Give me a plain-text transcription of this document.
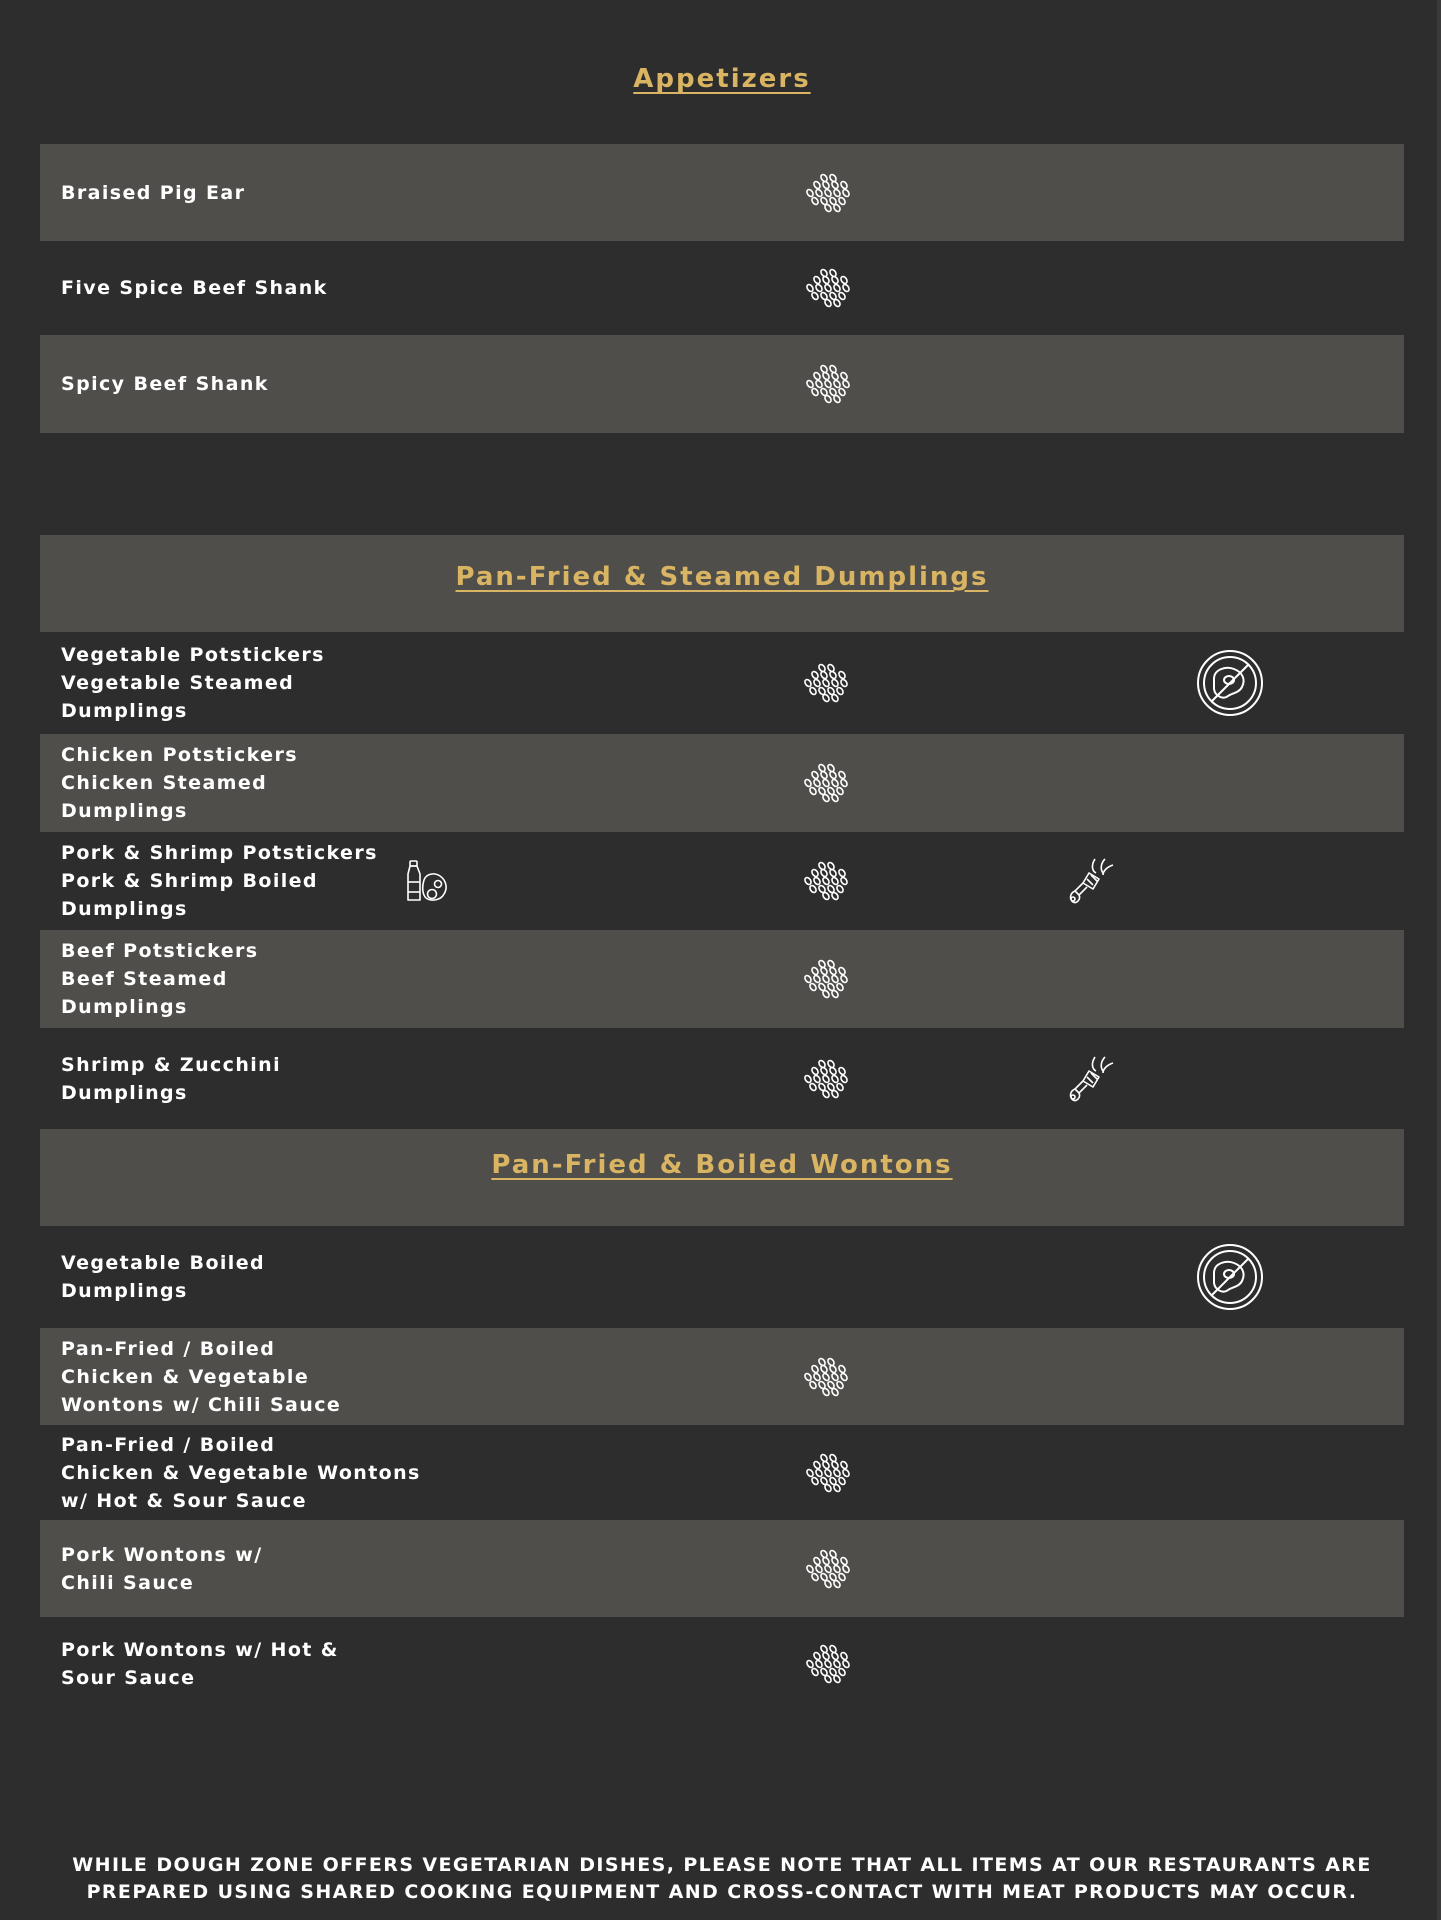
Appetizers
Braised Pig Ear
Five Spice Beef Shank
Spicy Beef Shank
Pan-Fried & Steamed Dumplings
Vegetable Potstickers
Vegetable Steamed
Dumplings
Chicken Potstickers
Chicken Steamed
Dumplings
Pork & Shrimp Potstickers
Pork & Shrimp Boiled
Dumplings
Beef Potstickers
Beef Steamed
Dumplings
Shrimp & Zucchini
Dumplings
Pan-Fried & Boiled Wontons
Vegetable Boiled
Dumplings
Pan-Fried / Boiled
Chicken & Vegetable
Wontons w/ Chili Sauce
Pan-Fried / Boiled
Chicken & Vegetable Wontons
w/ Hot & Sour Sauce
Pork Wontons w/
Chili Sauce
Pork Wontons w/ Hot &
Sour Sauce
WHILE DOUGH ZONE OFFERS VEGETARIAN DISHES, PLEASE NOTE THAT ALL ITEMS AT OUR RESTAURANTS ARE
PREPARED USING SHARED COOKING EQUIPMENT AND CROSS-CONTACT WITH MEAT PRODUCTS MAY OCCUR.
